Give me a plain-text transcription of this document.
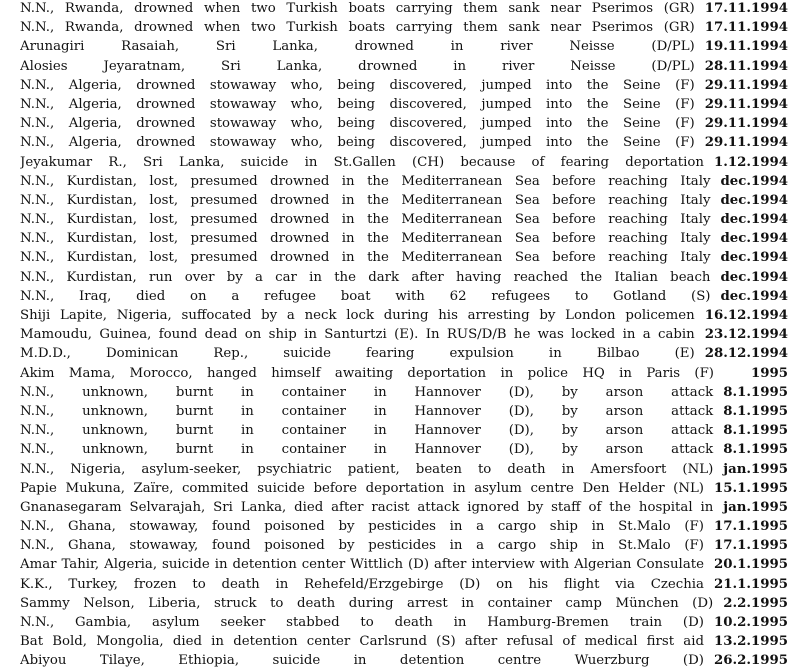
N.N., Rwanda, drowned when two Turkish boats carrying them sank near Pserimos (GR) 17.11.1994
N.N., Rwanda, drowned when two Turkish boats carrying them sank near Pserimos (GR) 17.11.1994
Arunagiri Rasaiah, Sri Lanka, drowned in river Neisse (D/PL) 19.11.1994
Alosies Jeyaratnam, Sri Lanka, drowned in river Neisse (D/PL) 28.11.1994
N.N., Algeria, drowned stowaway who, being discovered, jumped into the Seine (F) 29.11.1994
N.N., Algeria, drowned stowaway who, being discovered, jumped into the Seine (F) 29.11.1994
N.N., Algeria, drowned stowaway who, being discovered, jumped into the Seine (F) 29.11.1994
N.N., Algeria, drowned stowaway who, being discovered, jumped into the Seine (F) 29.11.1994
Jeyakumar R., Sri Lanka, suicide in St.Gallen (CH) because of fearing deportation 1.12.1994
N.N., Kurdistan, lost, presumed drowned in the Mediterranean Sea before reaching Italy dec.1994
N.N., Kurdistan, lost, presumed drowned in the Mediterranean Sea before reaching Italy dec.1994
N.N., Kurdistan, lost, presumed drowned in the Mediterranean Sea before reaching Italy dec.1994
N.N., Kurdistan, lost, presumed drowned in the Mediterranean Sea before reaching Italy dec.1994
N.N., Kurdistan, lost, presumed drowned in the Mediterranean Sea before reaching Italy dec.1994
N.N., Kurdistan, run over by a car in the dark after having reached the Italian beach dec.1994
N.N., Iraq, died on a refugee boat with 62 refugees to Gotland (S) dec.1994
Shiji Lapite, Nigeria, suffocated by a neck lock during his arresting by London policemen 16.12.1994
Mamoudu, Guinea, found dead on ship in Santurtzi (E). In RUS/D/B he was locked in a cabin 23.12.1994
M.D.D., Dominican Rep., suicide fearing expulsion in Bilbao (E) 28.12.1994
Akim Mama, Morocco, hanged himself awaiting deportation in police HQ in Paris (F)	1995
N.N., unknown, burnt in container in Hannover (D), by arson attack 8.1.1995
N.N., unknown, burnt in container in Hannover (D), by arson attack 8.1.1995
N.N., unknown, burnt in container in Hannover (D), by arson attack 8.1.1995
N.N., unknown, burnt in container in Hannover (D), by arson attack 8.1.1995
N.N., Nigeria, asylum-seeker, psychiatric patient, beaten to death in Amersfoort (NL) jan.1995
Papie Mukuna, Zaïre, commited suicide before deportation in asylum centre Den Helder (NL) 15.1.1995
Gnanasegaram Selvarajah, Sri Lanka, died after racist attack ignored by staff of the hospital in jan.1995
N.N., Ghana, stowaway, found poisoned by pesticides in a cargo ship in St.Malo (F) 17.1.1995
N.N., Ghana, stowaway, found poisoned by pesticides in a cargo ship in St.Malo (F) 17.1.1995
Amar Tahir, Algeria, suicide in detention center Wittlich (D) after interview with Algerian Consulate 20.1.1995
K.K., Turkey, frozen to death in Rehefeld/Erzgebirge (D) on his flight via Czechia 21.1.1995
Sammy Nelson, Liberia, struck to death during arrest in container camp München (D) 2.2.1995
N.N., Gambia, asylum seeker stabbed to death in Hamburg-Bremen train (D) 10.2.1995
Bat Bold, Mongolia, died in detention center Carlsrund (S) after refusal of medical first aid 13.2.1995
Abiyou Tilaye, Ethiopia, suicide in detention centre Wuerzburg (D) 26.2.1995
